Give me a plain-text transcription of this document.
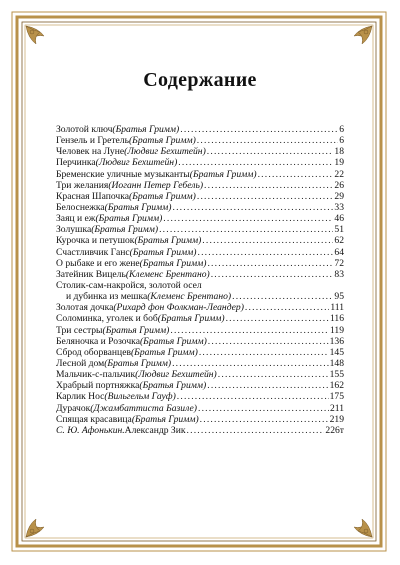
Содержание
Золотой ключ (Братья Гримм) .....	6
Гензель и Гретель (Братья Гримм) .....	6
Человек на Луне (Людвиг Бехштейн) .....	18
Перчинка (Людвиг Бехштейн) .....	19
Бременские уличные музыканты (Братья Гримм) .....	22
Три желания (Иоганн Петер Гебель) .....	26
Красная Шапочка (Братья Гримм) .....	29
Белоснежка (Братья Гримм) .....	33
Заяц и еж (Братья Гримм) .....	46
Золушка (Братья Гримм) .....	51
Курочка и петушок (Братья Гримм) .....	62
Счастливчик Ганс (Братья Гримм) .....	64
О рыбаке и его жене (Братья Гримм) .....	72
Затейник Вицель (Клеменс Брентано) .....	83
Столик-сам-накройся, золотой осел
и дубинка из мешка (Клеменс Брентано) .....	95
Золотая дочка (Рихард фон Фолкман-Леандер) .....	111
Соломинка, уголек и боб (Братья Гримм) .....	116
Три сестры (Братья Гримм) .....	119
Беляночка и Розочка (Братья Гримм) .....	136
Сброд оборванцев (Братья Гримм) .....	145
Лесной дом (Братья Гримм) .....	148
Мальчик-с-пальчик (Людвиг Бехштейн) .....	155
Храбрый портняжка (Братья Гримм) .....	162
Карлик Нос (Вильгельм Гауф) .....	175
Дурачок (Джамбаттиста Базиле) .....	211
Спящая красавица (Братья Гримм) .....	219
С. Ю. Афонькин. Александр Зик .....	226т
